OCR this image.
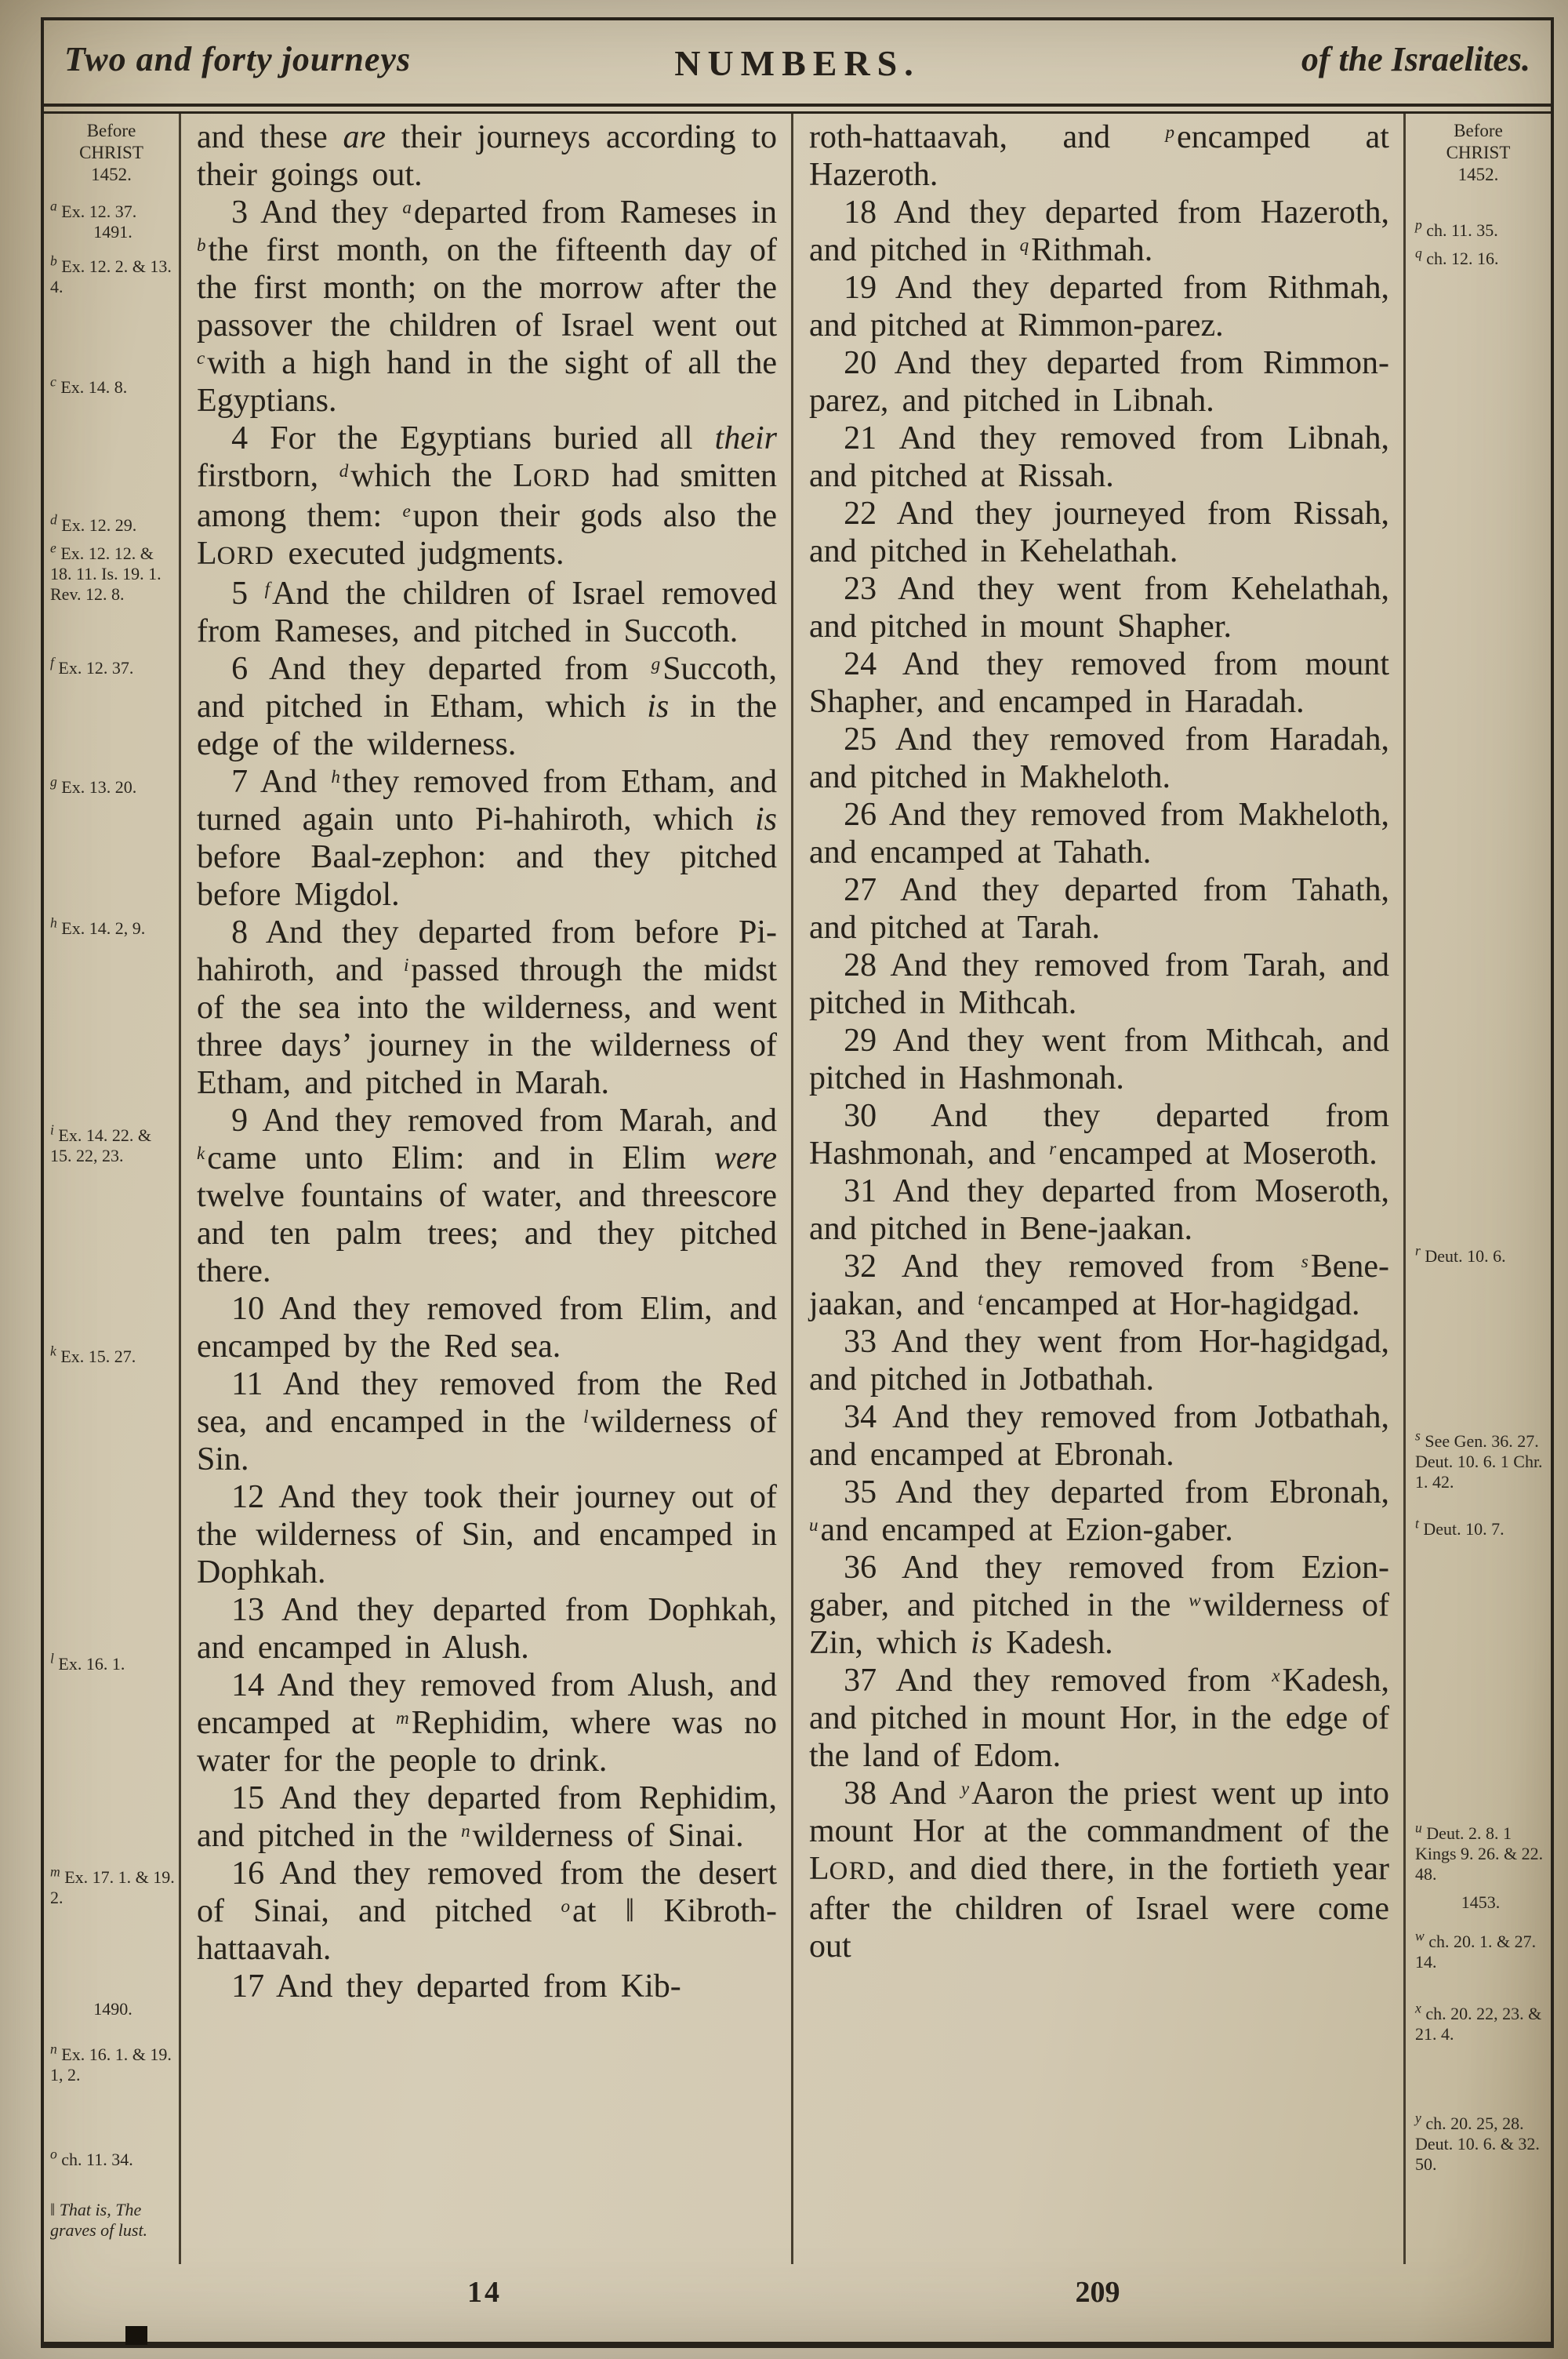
Two and forty journeys	NUMBERS.	of the Israelites.
Before
CHRIST
1452.
$^a$ Ex. 12. 37.
1491.
$^b$ Ex. 12. 2. & 13. 4.
$^c$ Ex. 14. 8.
$^d$ Ex. 12. 29.
$^e$ Ex. 12. 12. & 18. 11. Is. 19. 1. Rev. 12. 8.
$^f$ Ex. 12. 37.
$^g$ Ex. 13. 20.
$^h$ Ex. 14. 2, 9.
$^i$ Ex. 14. 22. & 15. 22, 23.
$^k$ Ex. 15. 27.
$^l$ Ex. 16. 1.
$^m$ Ex. 17. 1. & 19. 2.
1490.
$^n$ Ex. 16. 1. & 19. 1, 2.
$^o$ ch. 11. 34.
‖ That is, The graves of lust.

and these are their journeys according to their goings out.

3 And they $^a$departed from Rameses in $^b$the first month, on the fifteenth day of the first month; on the morrow after the passover the children of Israel went out $^c$with a high hand in the sight of all the Egyptians.

4 For the Egyptians buried all their firstborn, $^d$which the LORD had smitten among them: $^e$upon their gods also the LORD executed judgments.

5 $^f$And the children of Israel removed from Rameses, and pitched in Succoth.

6 And they departed from $^g$Succoth, and pitched in Etham, which is in the edge of the wilderness.

7 And $^h$they removed from Etham, and turned again unto Pi-hahiroth, which is before Baal-zephon: and they pitched before Migdol.

8 And they departed from before Pi-hahiroth, and $^i$passed through the midst of the sea into the wilderness, and went three days’ journey in the wilderness of Etham, and pitched in Marah.

9 And they removed from Marah, and $^k$came unto Elim: and in Elim were twelve fountains of water, and threescore and ten palm trees; and they pitched there.

10 And they removed from Elim, and encamped by the Red sea.

11 And they removed from the Red sea, and encamped in the $^l$wilderness of Sin.

12 And they took their journey out of the wilderness of Sin, and encamped in Dophkah.

13 And they departed from Dophkah, and encamped in Alush.

14 And they removed from Alush, and encamped at $^m$Rephidim, where was no water for the people to drink.

15 And they departed from Rephidim, and pitched in the $^n$wilderness of Sinai.

16 And they removed from the desert of Sinai, and pitched $^o$at ‖ Kibroth-hattaavah.

17 And they departed from Kib-

roth-hattaavah, and $^p$encamped at Hazeroth.

18 And they departed from Hazeroth, and pitched in $^q$Rithmah.

19 And they departed from Rithmah, and pitched at Rimmon-parez.

20 And they departed from Rimmon-parez, and pitched in Libnah.

21 And they removed from Libnah, and pitched at Rissah.

22 And they journeyed from Rissah, and pitched in Kehelathah.

23 And they went from Kehelathah, and pitched in mount Shapher.

24 And they removed from mount Shapher, and encamped in Haradah.

25 And they removed from Haradah, and pitched in Makheloth.

26 And they removed from Makheloth, and encamped at Tahath.

27 And they departed from Tahath, and pitched at Tarah.

28 And they removed from Tarah, and pitched in Mithcah.

29 And they went from Mithcah, and pitched in Hashmonah.

30 And they departed from Hashmonah, and $^r$encamped at Moseroth.

31 And they departed from Moseroth, and pitched in Bene-jaakan.

32 And they removed from $^s$Bene-jaakan, and $^t$encamped at Hor-hagidgad.

33 And they went from Hor-hagidgad, and pitched in Jotbathah.

34 And they removed from Jotbathah, and encamped at Ebronah.

35 And they departed from Ebronah, $^u$and encamped at Ezion-gaber.

36 And they removed from Ezion-gaber, and pitched in the $^w$wilderness of Zin, which is Kadesh.

37 And they removed from $^x$Kadesh, and pitched in mount Hor, in the edge of the land of Edom.

38 And $^y$Aaron the priest went up into mount Hor at the commandment of the LORD, and died there, in the fortieth year after the children of Israel were come out

Before
CHRIST
1452.
$^p$ ch. 11. 35.
$^q$ ch. 12. 16.
$^r$ Deut. 10. 6.
$^s$ See Gen. 36. 27. Deut. 10. 6. 1 Chr. 1. 42.
$^t$ Deut. 10. 7.
$^u$ Deut. 2. 8. 1 Kings 9. 26. & 22. 48.
1453.
$^w$ ch. 20. 1. & 27. 14.
$^x$ ch. 20. 22, 23. & 21. 4.
$^y$ ch. 20. 25, 28. Deut. 10. 6. & 32. 50.
14	209
